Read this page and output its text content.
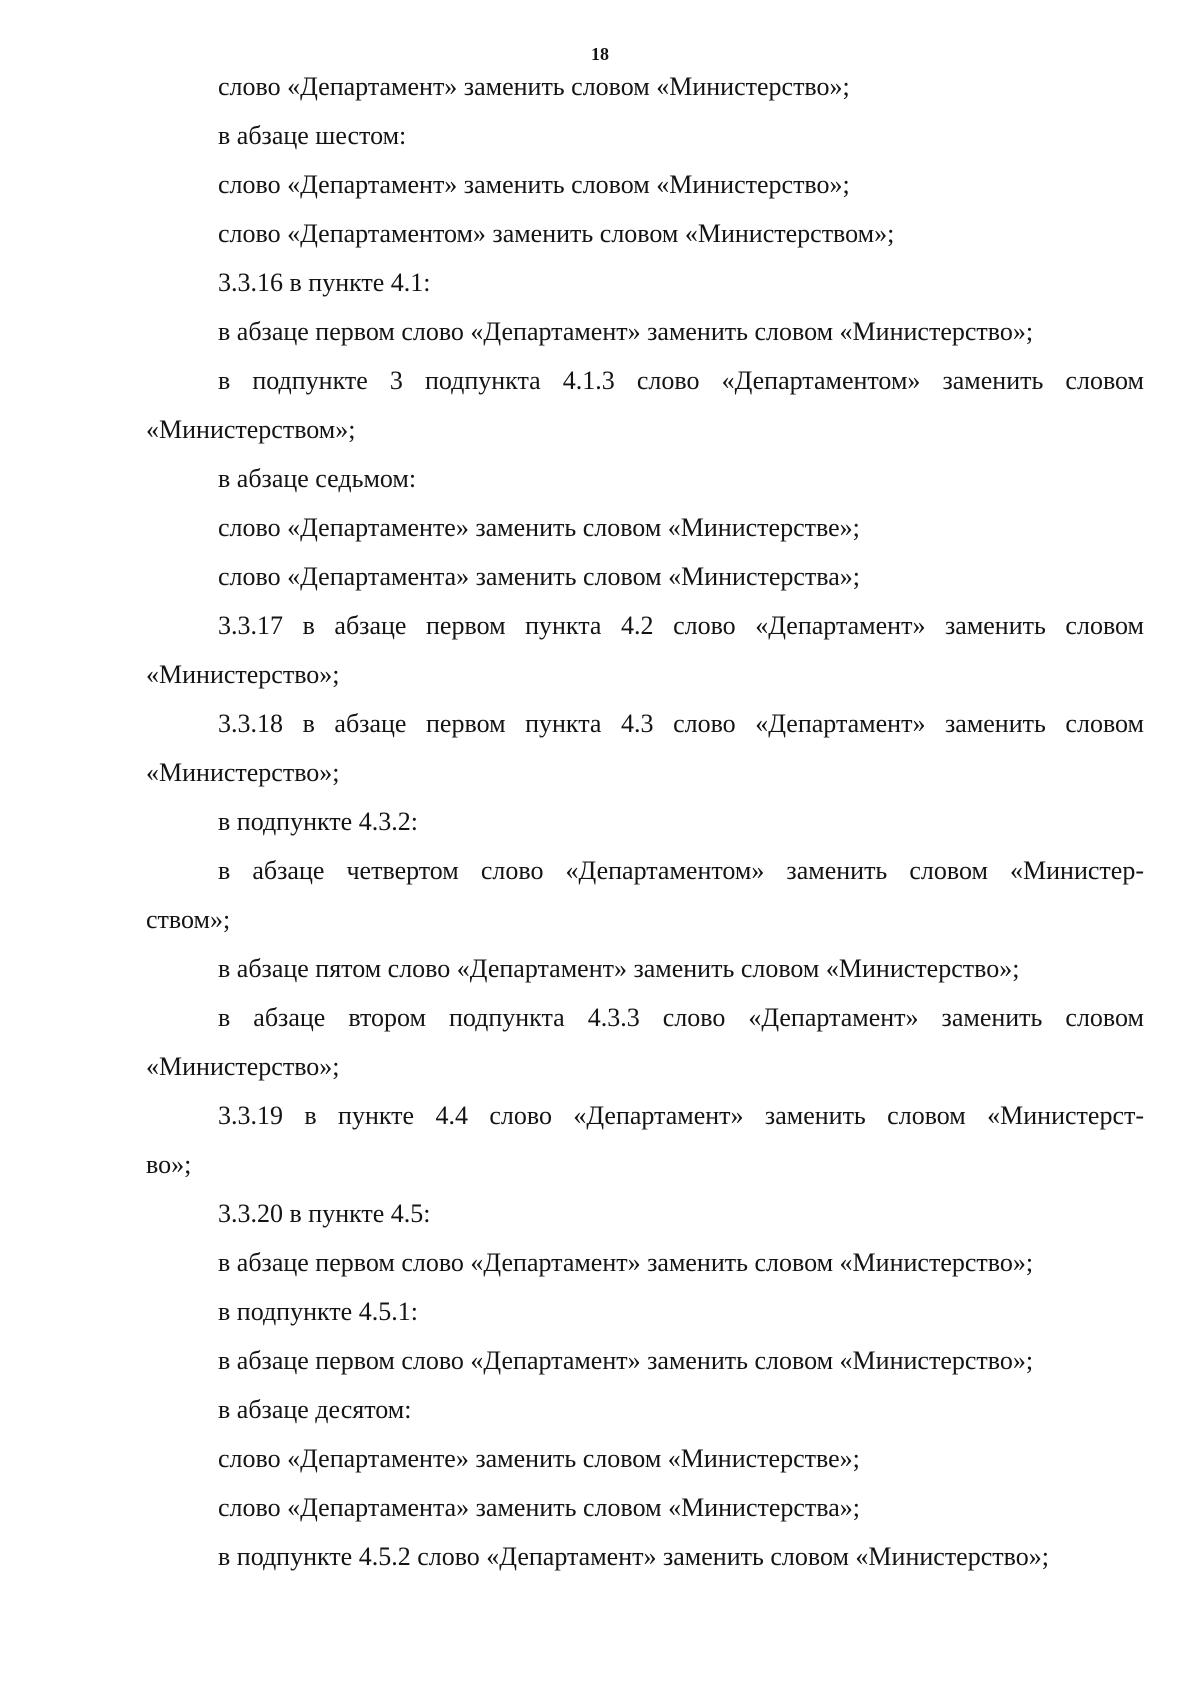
18
слово «Департамент» заменить словом «Министерство»;
в абзаце шестом:
слово «Департамент» заменить словом «Министерство»;
слово «Департаментом» заменить словом «Министерством»;
3.3.16 в пункте 4.1:
в абзаце первом слово «Департамент» заменить словом «Министерство»;
в подпункте 3 подпункта 4.1.3 слово «Департаментом» заменить словом
«Министерством»;
в абзаце седьмом:
слово «Департаменте» заменить словом «Министерстве»;
слово «Департамента» заменить словом «Министерства»;
3.3.17 в абзаце первом пункта 4.2 слово «Департамент» заменить словом
«Министерство»;
3.3.18 в абзаце первом пункта 4.3 слово «Департамент» заменить словом
«Министерство»;
в подпункте 4.3.2:
в абзаце четвертом слово «Департаментом» заменить словом «Министер-
ством»;
в абзаце пятом слово «Департамент» заменить словом «Министерство»;
в абзаце втором подпункта 4.3.3 слово «Департамент» заменить словом
«Министерство»;
3.3.19 в пункте 4.4 слово «Департамент» заменить словом «Министерст-
во»;
3.3.20 в пункте 4.5:
в абзаце первом слово «Департамент» заменить словом «Министерство»;
в подпункте 4.5.1:
в абзаце первом слово «Департамент» заменить словом «Министерство»;
в абзаце десятом:
слово «Департаменте» заменить словом «Министерстве»;
слово «Департамента» заменить словом «Министерства»;
в подпункте 4.5.2 слово «Департамент» заменить словом «Министерство»;
